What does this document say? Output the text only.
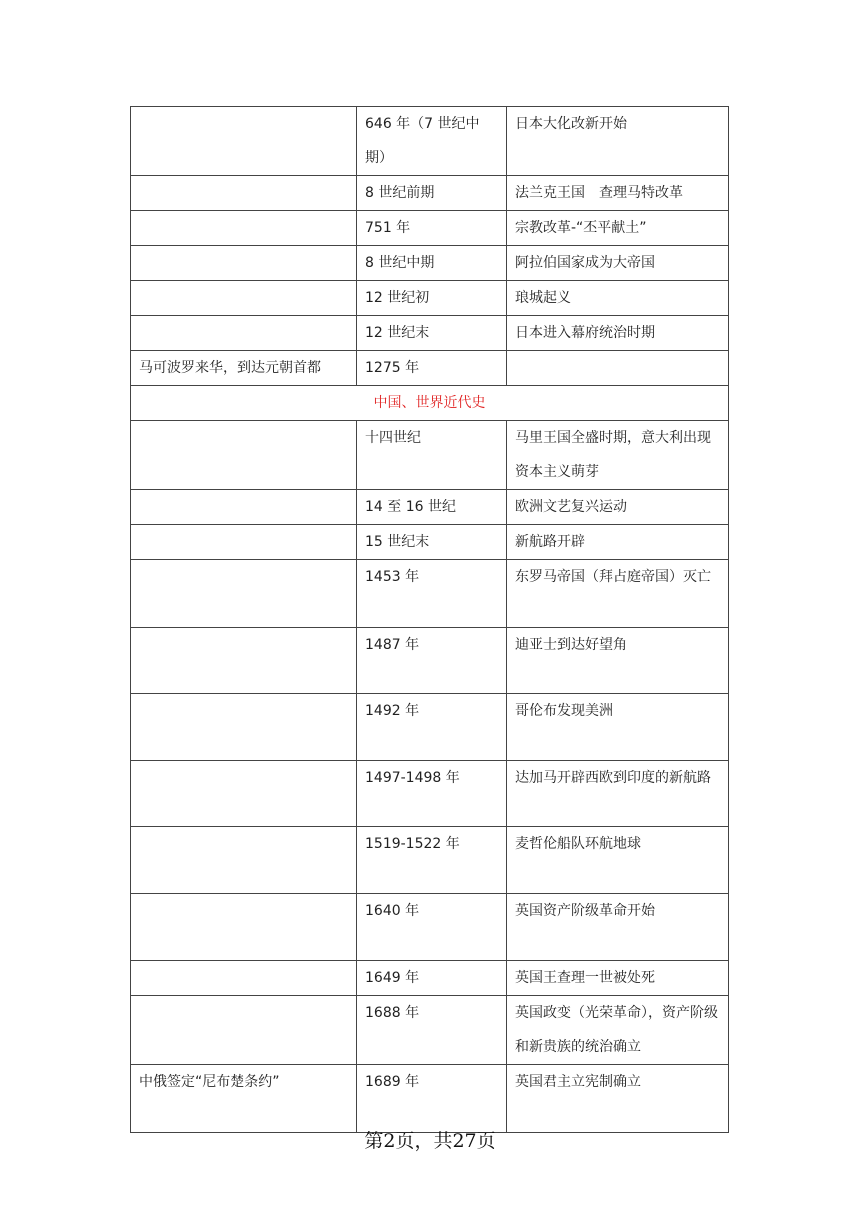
	646 年（7 世纪中期）	日本大化改新开始
	8 世纪前期	法兰克王国　查理马特改革
	751 年	宗教改革-“丕平献土”
	8 世纪中期	阿拉伯国家成为大帝国
	12 世纪初	琅城起义
	12 世纪末	日本进入幕府统治时期
马可波罗来华，到达元朝首都	1275 年	
中国、世界近代史		
	十四世纪	马里王国全盛时期，意大利出现资本主义萌芽
	14 至 16 世纪	欧洲文艺复兴运动
	15 世纪末	新航路开辟
	1453 年	东罗马帝国（拜占庭帝国）灭亡
	1487 年	迪亚士到达好望角
	1492 年	哥伦布发现美洲
	1497-1498 年	达加马开辟西欧到印度的新航路
	1519-1522 年	麦哲伦船队环航地球
	1640 年	英国资产阶级革命开始
	1649 年	英国王查理一世被处死
	1688 年	英国政变（光荣革命），资产阶级和新贵族的统治确立
中俄签定“尼布楚条约”	1689 年	英国君主立宪制确立
第2页，共27页
